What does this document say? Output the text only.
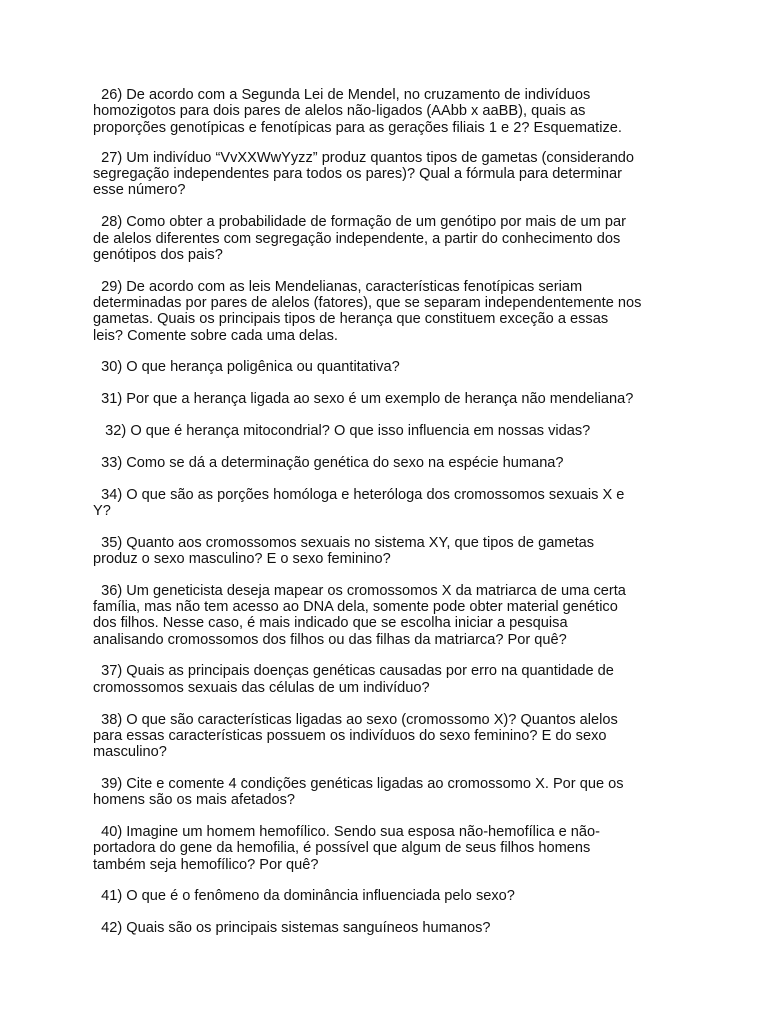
26) De acordo com a Segunda Lei de Mendel, no cruzamento de indivíduos
homozigotos para dois pares de alelos não-ligados (AAbb x aaBB), quais as
proporções genotípicas e fenotípicas para as gerações filiais 1 e 2? Esquematize.

27) Um indivíduo “VvXXWwYyzz” produz quantos tipos de gametas (considerando
segregação independentes para todos os pares)? Qual a fórmula para determinar
esse número?

28) Como obter a probabilidade de formação de um genótipo por mais de um par
de alelos diferentes com segregação independente, a partir do conhecimento dos
genótipos dos pais?

29) De acordo com as leis Mendelianas, características fenotípicas seriam
determinadas por pares de alelos (fatores), que se separam independentemente nos
gametas. Quais os principais tipos de herança que constituem exceção a essas
leis? Comente sobre cada uma delas.

30) O que herança poligênica ou quantitativa?

31) Por que a herança ligada ao sexo é um exemplo de herança não mendeliana?

32) O que é herança mitocondrial? O que isso influencia em nossas vidas?

33) Como se dá a determinação genética do sexo na espécie humana?

34) O que são as porções homóloga e heteróloga dos cromossomos sexuais X e
Y?

35) Quanto aos cromossomos sexuais no sistema XY, que tipos de gametas
produz o sexo masculino? E o sexo feminino?

36) Um geneticista deseja mapear os cromossomos X da matriarca de uma certa
família, mas não tem acesso ao DNA dela, somente pode obter material genético
dos filhos. Nesse caso, é mais indicado que se escolha iniciar a pesquisa
analisando cromossomos dos filhos ou das filhas da matriarca? Por quê?

37) Quais as principais doenças genéticas causadas por erro na quantidade de
cromossomos sexuais das células de um indivíduo?

38) O que são características ligadas ao sexo (cromossomo X)? Quantos alelos
para essas características possuem os indivíduos do sexo feminino? E do sexo
masculino?

39) Cite e comente 4 condições genéticas ligadas ao cromossomo X. Por que os
homens são os mais afetados?

40) Imagine um homem hemofílico. Sendo sua esposa não-hemofílica e não-
portadora do gene da hemofilia, é possível que algum de seus filhos homens
também seja hemofílico? Por quê?

41) O que é o fenômeno da dominância influenciada pelo sexo?

42) Quais são os principais sistemas sanguíneos humanos?
